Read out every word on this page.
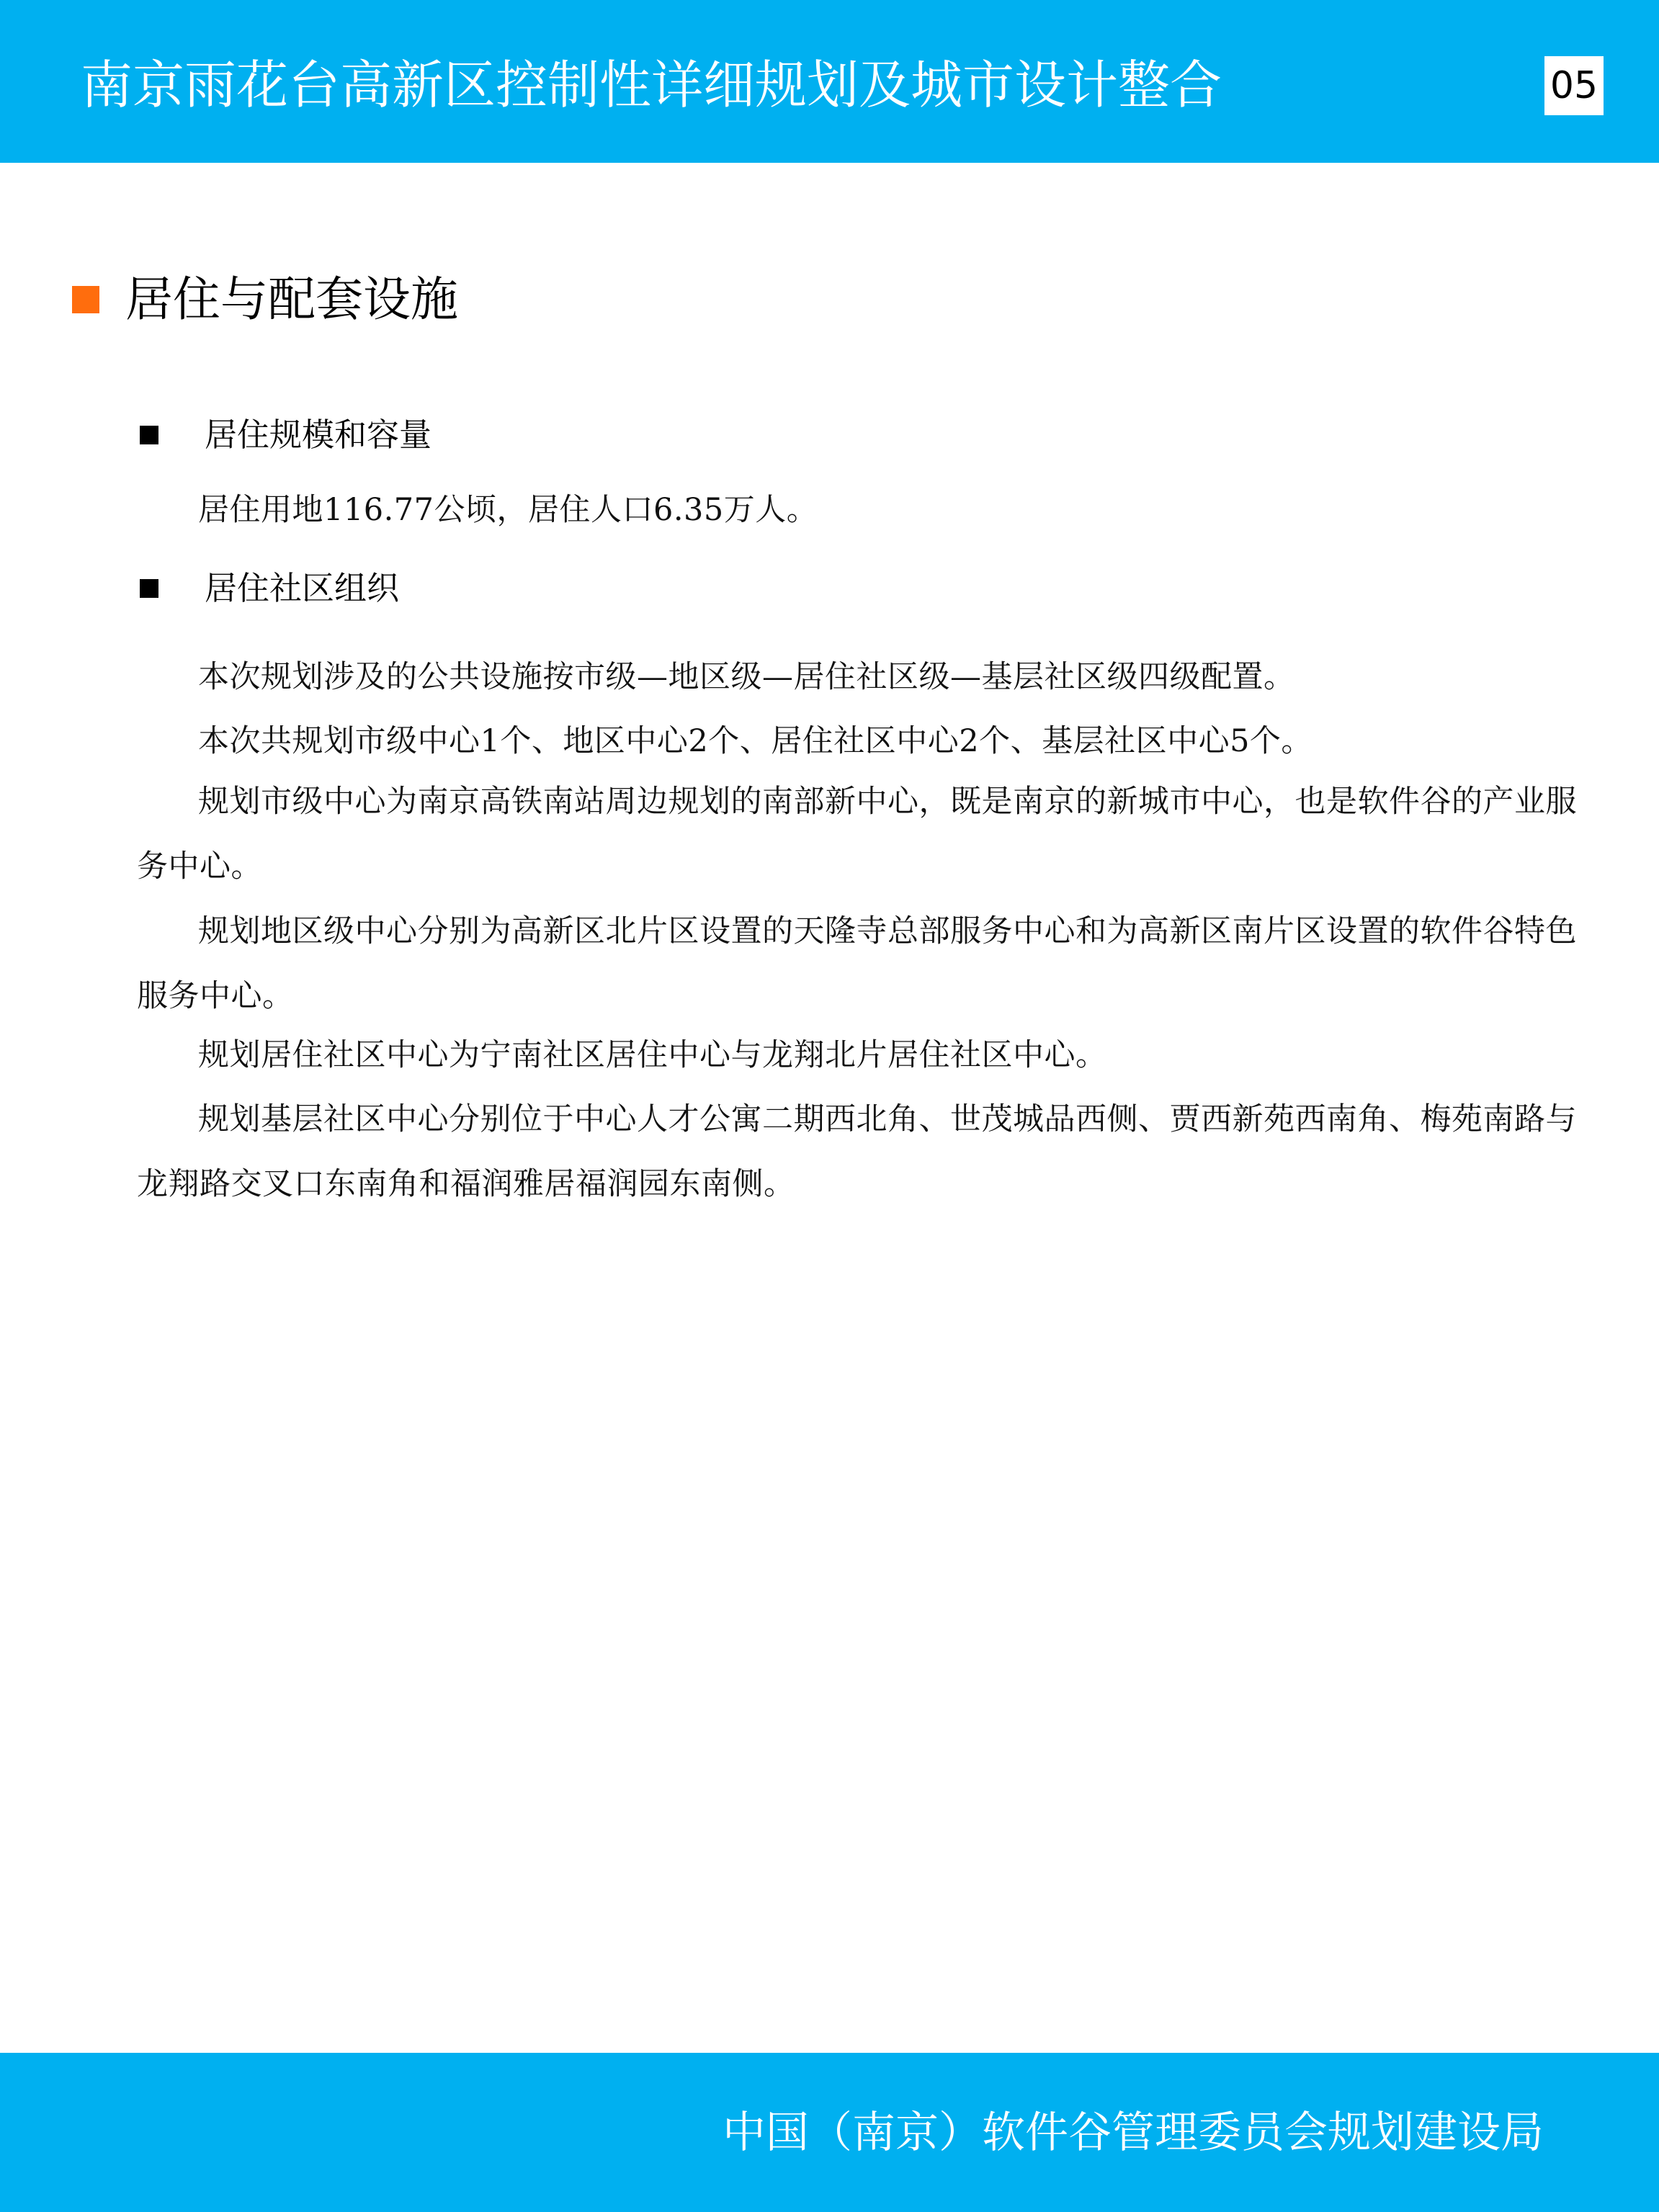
南京雨花台高新区控制性详细规划及城市设计整合	05
居住与配套设施
居住规模和容量

居住用地116.77公顷，居住人口6.35万人。

居住社区组织

本次规划涉及的公共设施按市级—地区级—居住社区级—基层社区级四级配置。

本次共规划市级中心1个、地区中心2个、居住社区中心2个、基层社区中心5个。

规划市级中心为南京高铁南站周边规划的南部新中心，既是南京的新城市中心，也是软件谷的产业服务中心。

规划地区级中心分别为高新区北片区设置的天隆寺总部服务中心和为高新区南片区设置的软件谷特色服务中心。

规划居住社区中心为宁南社区居住中心与龙翔北片居住社区中心。

规划基层社区中心分别位于中心人才公寓二期西北角、世茂城品西侧、贾西新苑西南角、梅苑南路与龙翔路交叉口东南角和福润雅居福润园东南侧。

中国（南京）软件谷管理委员会规划建设局
